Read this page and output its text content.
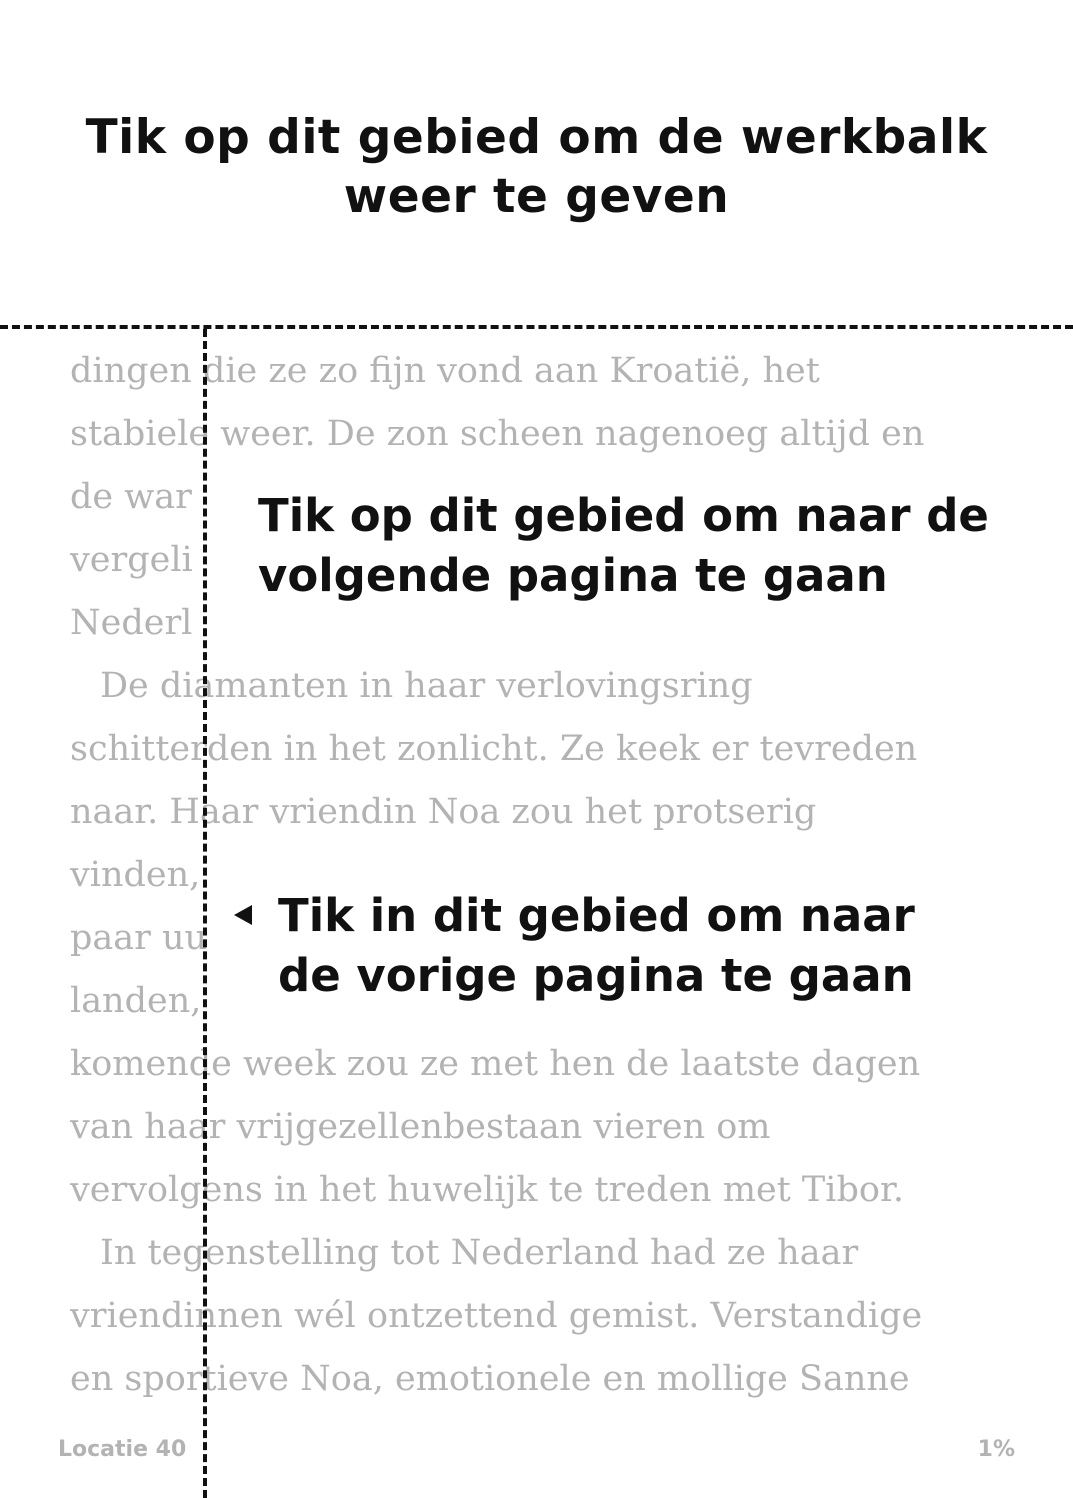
Tik op dit gebied om de werkbalk weer te geven
dingen die ze zo fijn vond aan Kroatië, het
stabiele weer. De zon scheen nagenoeg altijd en
de war
vergeli
Nederl
De diamanten in haar verlovingsring
schitterden in het zonlicht. Ze keek er tevreden
naar. Haar vriendin Noa zou het protserig
vinden,
paar uu
landen,
komende week zou ze met hen de laatste dagen
van haar vrijgezellenbestaan vieren om
vervolgens in het huwelijk te treden met Tibor.
In tegenstelling tot Nederland had ze haar
vriendinnen wél ontzettend gemist. Verstandige
en sportieve Noa, emotionele en mollige Sanne
Tik op dit gebied om naar de
volgende pagina te gaan
Tik in dit gebied om naar
de vorige pagina te gaan
Locatie 40	1%
